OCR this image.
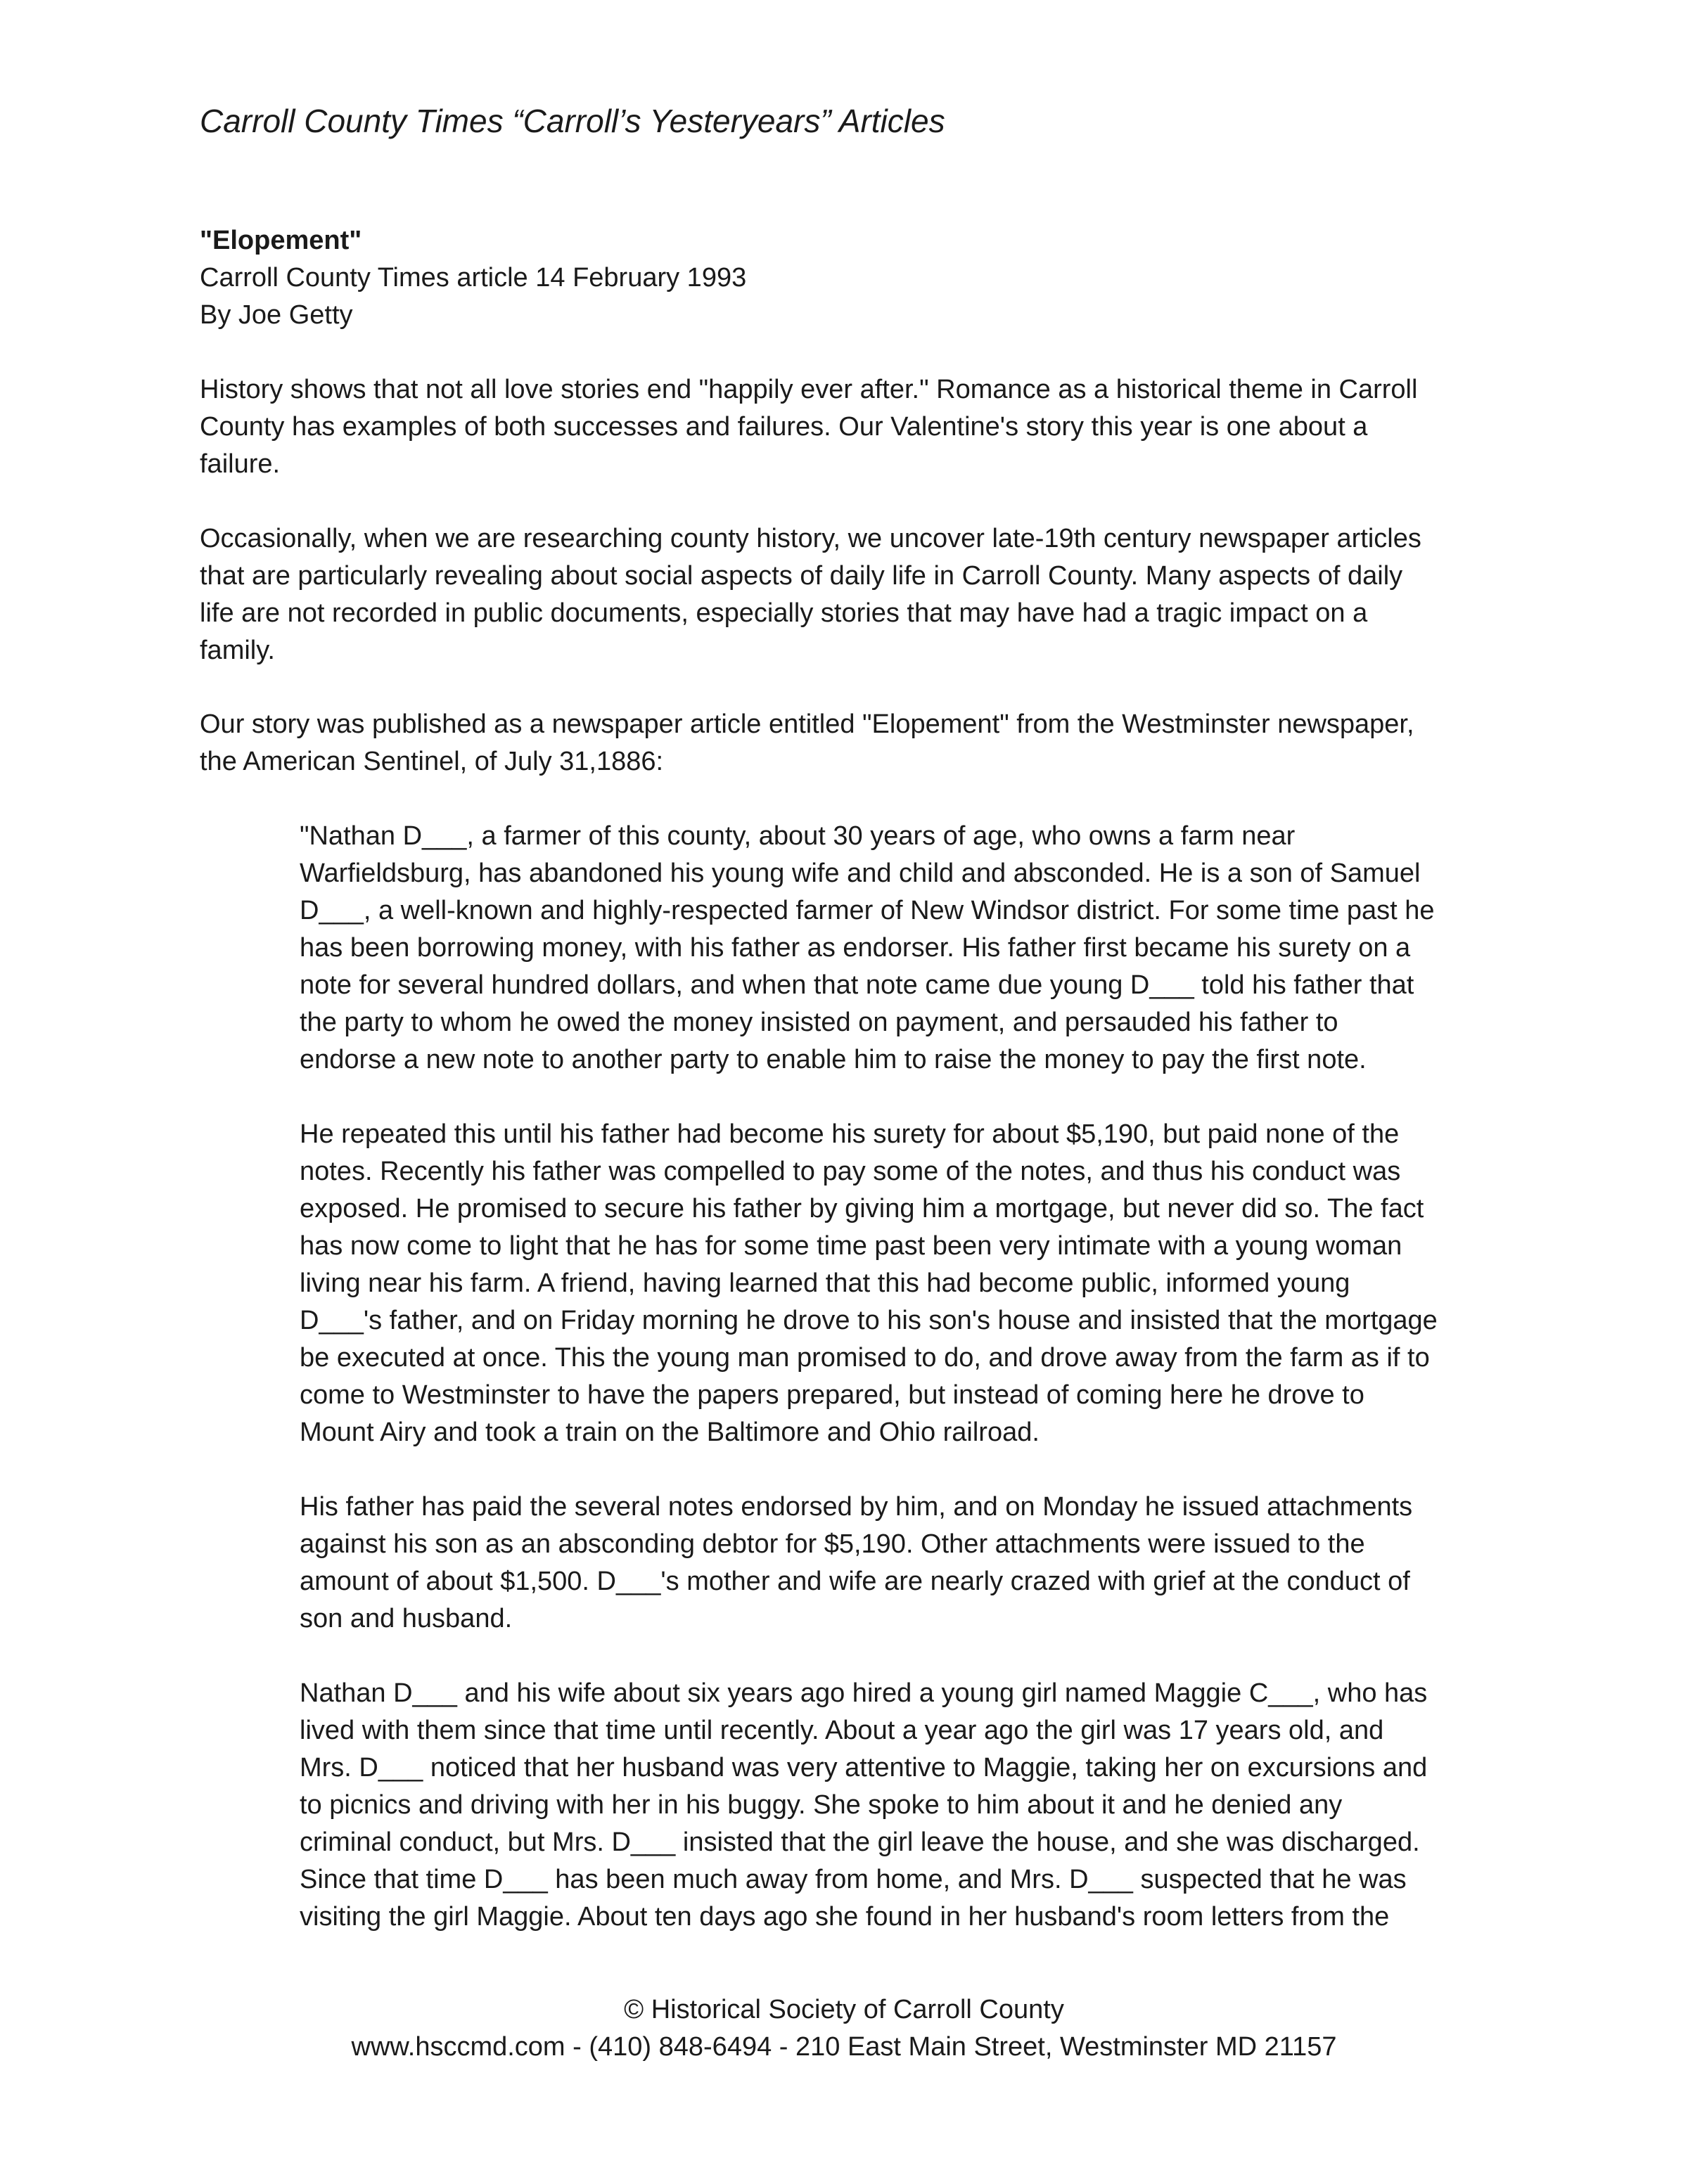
Carroll County Times “Carroll’s Yesteryears” Articles
"Elopement"
Carroll County Times article 14 February 1993
By Joe Getty
History shows that not all love stories end "happily ever after." Romance as a historical theme in Carroll
County has examples of both successes and failures. Our Valentine's story this year is one about a
failure.
Occasionally, when we are researching county history, we uncover late-19th century newspaper articles
that are particularly revealing about social aspects of daily life in Carroll County. Many aspects of daily
life are not recorded in public documents, especially stories that may have had a tragic impact on a
family.
Our story was published as a newspaper article entitled "Elopement" from the Westminster newspaper,
the American Sentinel, of July 31,1886:
"Nathan D___, a farmer of this county, about 30 years of age, who owns a farm near
Warfieldsburg, has abandoned his young wife and child and absconded. He is a son of Samuel
D___, a well-known and highly-respected farmer of New Windsor district. For some time past he
has been borrowing money, with his father as endorser. His father first became his surety on a
note for several hundred dollars, and when that note came due young D___ told his father that
the party to whom he owed the money insisted on payment, and persauded his father to
endorse a new note to another party to enable him to raise the money to pay the first note.
He repeated this until his father had become his surety for about $5,190, but paid none of the
notes. Recently his father was compelled to pay some of the notes, and thus his conduct was
exposed. He promised to secure his father by giving him a mortgage, but never did so. The fact
has now come to light that he has for some time past been very intimate with a young woman
living near his farm. A friend, having learned that this had become public, informed young
D___'s father, and on Friday morning he drove to his son's house and insisted that the mortgage
be executed at once. This the young man promised to do, and drove away from the farm as if to
come to Westminster to have the papers prepared, but instead of coming here he drove to
Mount Airy and took a train on the Baltimore and Ohio railroad.
His father has paid the several notes endorsed by him, and on Monday he issued attachments
against his son as an absconding debtor for $5,190. Other attachments were issued to the
amount of about $1,500. D___'s mother and wife are nearly crazed with grief at the conduct of
son and husband.
Nathan D___ and his wife about six years ago hired a young girl named Maggie C___, who has
lived with them since that time until recently. About a year ago the girl was 17 years old, and
Mrs. D___ noticed that her husband was very attentive to Maggie, taking her on excursions and
to picnics and driving with her in his buggy. She spoke to him about it and he denied any
criminal conduct, but Mrs. D___ insisted that the girl leave the house, and she was discharged.
Since that time D___ has been much away from home, and Mrs. D___ suspected that he was
visiting the girl Maggie. About ten days ago she found in her husband's room letters from the
© Historical Society of Carroll County
www.hsccmd.com - (410) 848-6494 - 210 East Main Street, Westminster MD 21157
